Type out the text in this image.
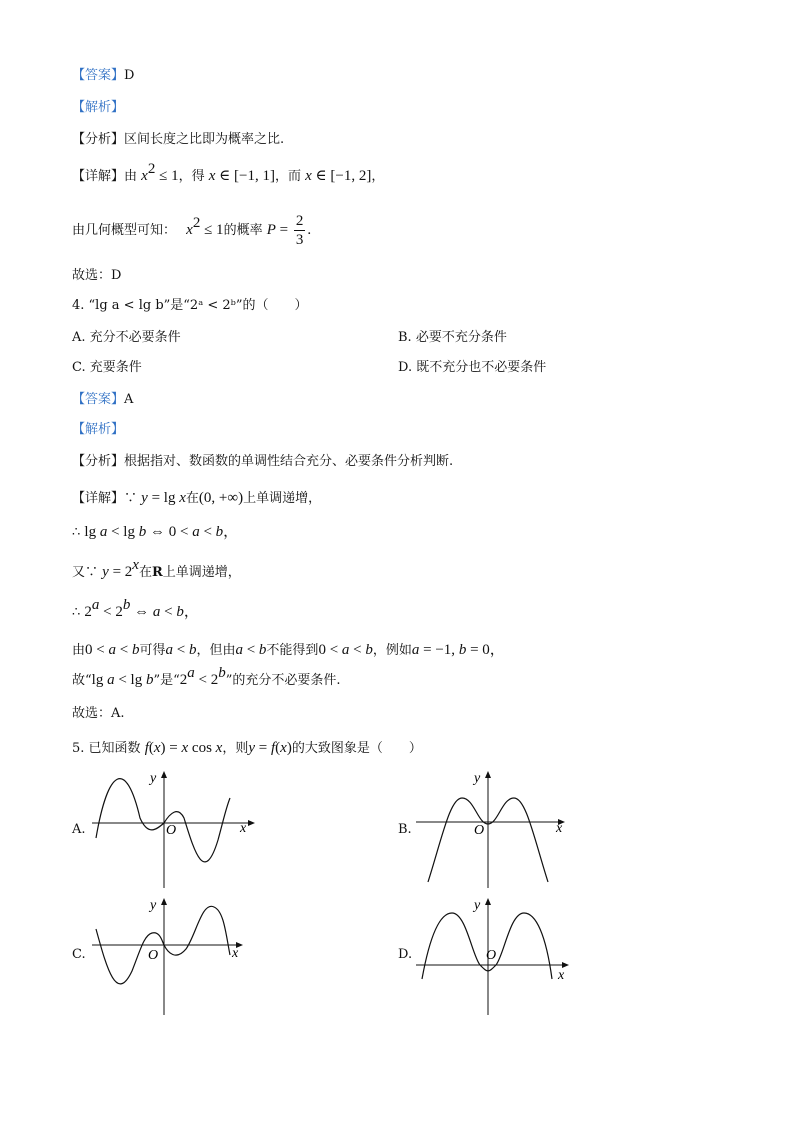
【答案】D
【解析】
【分析】区间长度之比即为概率之比.
【详解】由 $x^2 \le 1$，得 x ∈ [−1, 1]，而 x ∈ [−1, 2]，
由几何概型可知： $x^2 \le 1$的概率 $P = \frac{2}{3}$ .
故选：D
4. “lg a < lg b”是“2ᵃ < 2ᵇ”的（　　）
A. 充分不必要条件	B. 必要不充分条件
C. 充要条件	D. 既不充分也不必要条件
【答案】A
【解析】
【分析】根据指对、数函数的单调性结合充分、必要条件分析判断.
【详解】∵ y = lg x在(0, +∞)上单调递增，
∴ lg a < lg b ⇔ 0 < a < b，
又∵ $y = 2^x$在R上单调递增，
∴ $2^a < 2^b$ ⇔ a < b，
由0 < a < b可得a < b，但由a < b不能得到0 < a < b，例如a = −1, b = 0，
故“lg a < lg b”是“$2^a < 2^b$”的充分不必要条件.
故选：A.
5. 已知函数 f(x) = x cos x，则y = f(x)的大致图象是（　　）
A.	B.
C.	D.
x
y
O	x
y
O
x
y
O
x
y
O
